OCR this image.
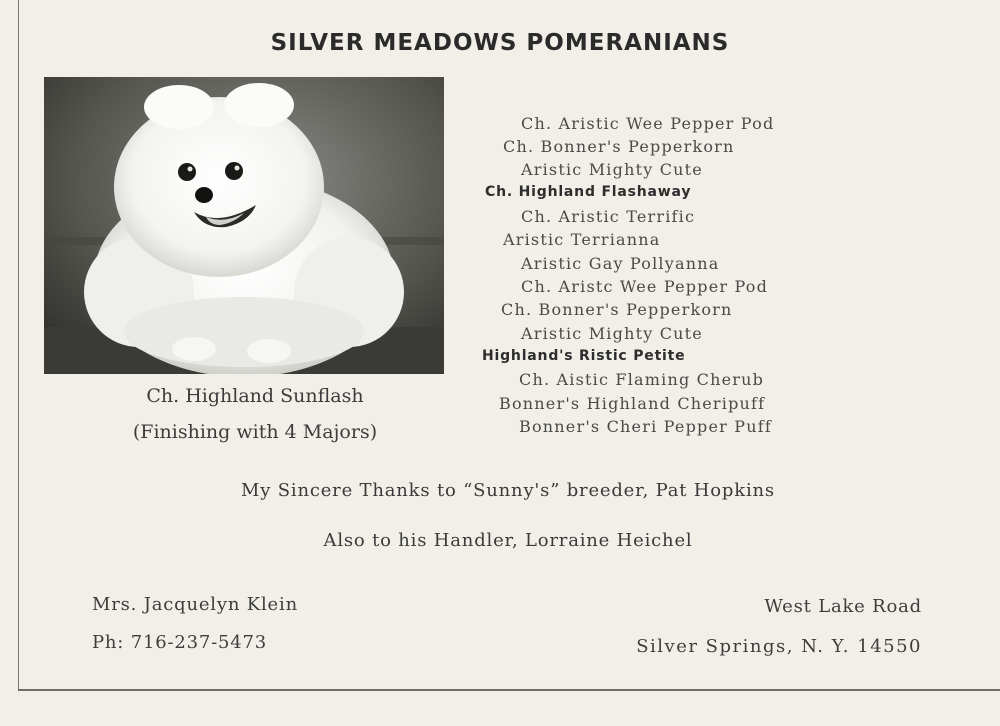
SILVER MEADOWS POMERANIANS
Ch. Highland Sunflash
(Finishing with 4 Majors)
Ch. Aristic Wee Pepper Pod
Ch. Bonner's Pepperkorn
Aristic Mighty Cute
Ch. Highland Flashaway
Ch. Aristic Terrific
Aristic Terrianna
Aristic Gay Pollyanna
Ch. Aristc Wee Pepper Pod
Ch. Bonner's Pepperkorn
Aristic Mighty Cute
Highland's Ristic Petite
Ch. Aistic Flaming Cherub
Bonner's Highland Cheripuff
Bonner's Cheri Pepper Puff
My Sincere Thanks to “Sunny's” breeder, Pat Hopkins
Also to his Handler, Lorraine Heichel
Mrs. Jacquelyn Klein
Ph: 716-237-5473
West Lake Road
Silver Springs, N. Y. 14550
